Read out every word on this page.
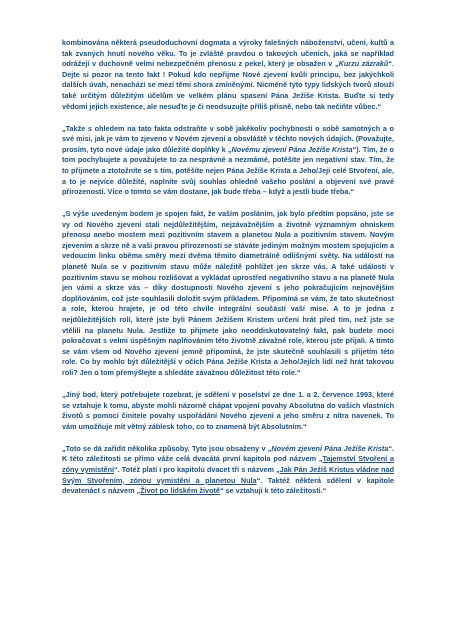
kombinována některá pseudoduchovní dogmata a výroky falešných náboženství, učení, kultů a tak zvaných hnutí nového věku. To je zvláště pravdou o takových učeních, jaká se například odrážejí v duchovně velmi nebezpečném přenosu z pekel, který je obsažen v „Kurzu zázraků“. Dejte si pozor na tento fakt ! Pokud kdo nepřijme Nové zjevení kvůli principu, bez jakýchkoli dalších úvah, nenachází se mezi těmi shora zmíněnými. Nicméně tyto typy lidských tvorů slouží také určitým důležitým účelům ve velkém plánu spasení Pána Ježíše Krista. Buďte si tedy vědomi jejich existence, ale nesuďte je či neodsuzujte příliš přísně, nebo tak nečiňte vůbec.“

„Takže s ohledem na tato fakta odstraňte v sobě jakékoliv pochybnosti o sobě samotných a o své misi, jak je vám to zjeveno v Novém zjevení a obsvláště v těchto nových údajích. (Považujte, prosím, tyto nové údaje jako důležité doplňky k „Novému zjevení Pána Ježíše Krista“). Tím, že o tom pochybujete a považujete to za nesprávné a nezmámé, potěšíte jen negativní stav. Tím, že to přijmete a ztotožníte se s tím, potěšíte nejen Pána Ježíše Krista a Jeho/Její celé Stvoření, ale, a to je nejvíce důležité, naplníte svůj souhlas ohledně vašeho poslání a objevení své pravé přirozenosti. Více o tomto se vám dostane, jak bude třeba – když a jestli bude třeba.“

„S výše uvedeným bodem je spojen fakt, že vaším posláním, jak bylo předtím popsáno, jste se vy od Nového zjevení stali nejdůležitějším, nejzávažnějším a životně významným ohniskem přenosu anebo mostem mezi pozitivním stavem a planetou Nula a pozitivním stavem. Novým zjevením a skrze ně a vaši pravou přirozenosti se stáváte jediným možným mostem spojujícím a vedoucím linku oběma směry mezi dvěma těmito diametrálně odlišnými světy. Na událostí na planetě Nula se v pozitivním stavu může náležitě pohlížet jen skrze vás. A také události v pozitivním stavu se mohou rozlišovat a vykládat uprostřed negativního stavu a na planetě Nula jen vámi a skrze vás – díky dostupnosti Nového zjevení s jeho pokračujícím nejnovějším doplňováním, což jste souhlasili doložit svým příkladem. Připomíná se vám, že tato skutečnost a role, kterou hrajete, je od této chvíle integrální součástí vaší mise. A to je jedna z nejdůležitějších rolí, které jste byli Pánem Ježíšem Kristem určeni hrát před tím, než jste se vtělili na planetu Nula. Jestliže to přijmete jako neoddiskutovatelný fakt, pak budete moci pokračovat s velmi úspěšným naplňováním této životně závažné role, kterou jste přijali. A tímto se vám všem od Nového zjevení jemně připomíná, že jste skutečně souhlasili s přijetím této role. Co by mohlo být důležitější v očích Pána Ježíše Krista a Jeho/Jejích lidí než hrát takovou roli? Jen o tom přemýšlejte a shledáte závažnou důležitost této role.“

„Jiný bod, který potřebujete rozebrat, je sdělení v poselství ze dne 1. a 2. července 1993, které se vztahuje k tomu, abyste mohli názorně chápat vpojení povahy Absolutna do vašich vlastních životů s pomocí činitele povahy uspořádání Nového zjevení a jeho směru z nitra navenek. To vám umožňuje mít větný záblesk toho, co to znamená být Absolutním.“

„Toto se dá zařídit několika způsoby. Tyto jsou obsaženy v „Novém zjevení Pána Ježíše Krista“. K této záležitosti se přímo váže celá dvacátá první kapitola pod názvem „Tajemství Stvoření a zóny vymistění“. Totéž platí i pro kapitolu dvacet tři s názvem „Jak Pán Ježíš Kristus vládne nad Svým Stvořením, zónou vymistění a planetou Nula“. Taktéž některá sdělení v kapitole devatenáct s názvem „Život po lidském životě“ se vztahují k této záležitosti.“
